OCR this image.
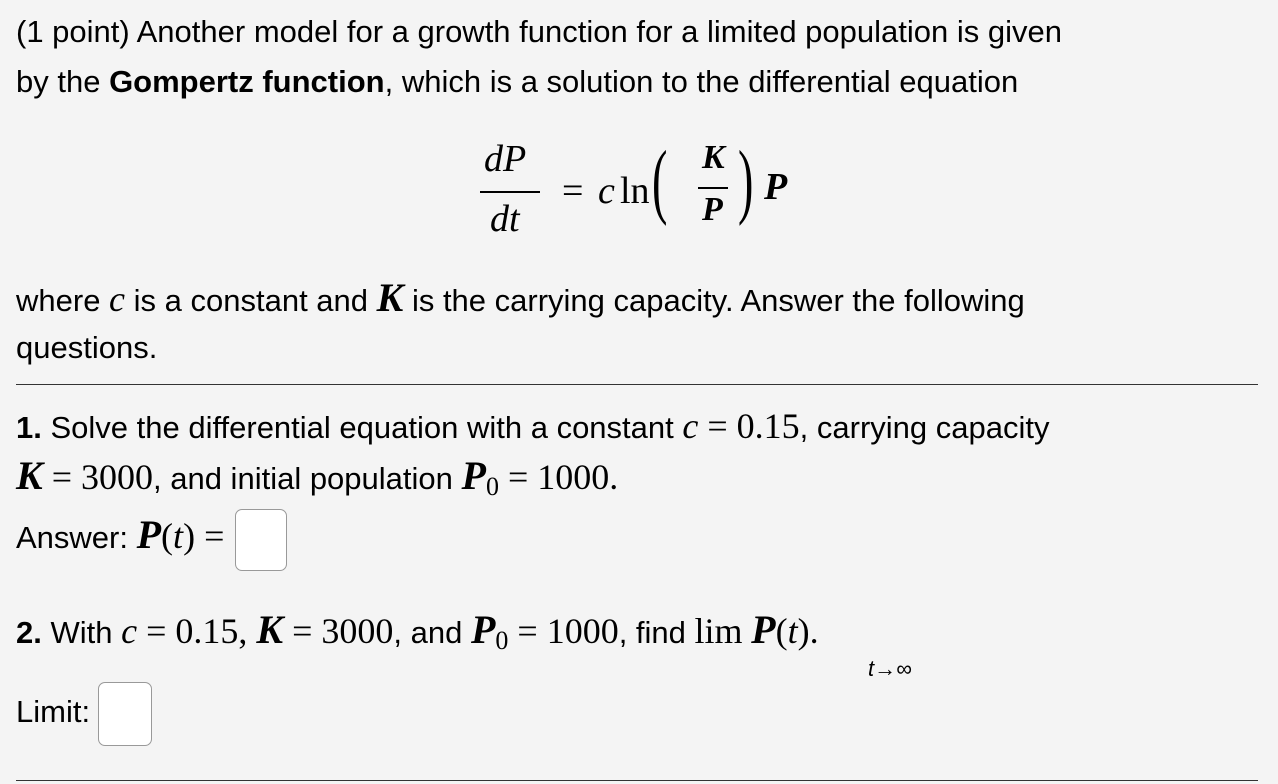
(1 point) Another model for a growth function for a limited population is given
by the Gompertz function, which is a solution to the differential equation
dP
dt
= c ln ( K
P ) P
where c is a constant and K is the carrying capacity. Answer the following
questions.
1. Solve the differential equation with a constant c = 0.15, carrying capacity
K = 3000, and initial population P0 = 1000.
Answer: P(t) =
2. With c = 0.15, K = 3000, and P0 = 1000, find lim P(t).
t→∞
Limit:
